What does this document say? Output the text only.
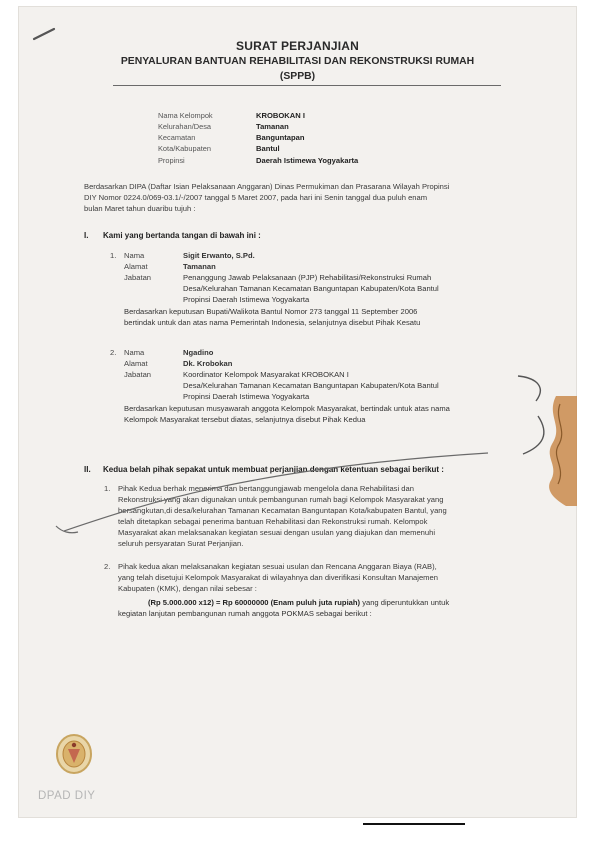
SURAT PERJANJIAN
PENYALURAN BANTUAN REHABILITASI DAN REKONSTRUKSI RUMAH
(SPPB)
Nama Kelompok	KROBOKAN I
Kelurahan/Desa	Tamanan
Kecamatan	Banguntapan
Kota/Kabupaten	Bantul
Propinsi	Daerah Istimewa Yogyakarta
Berdasarkan DIPA (Daftar Isian Pelaksanaan Anggaran) Dinas Permukiman dan Prasarana Wilayah Propinsi
DIY Nomor 0224.0/069-03.1/-/2007 tanggal 5 Maret 2007, pada hari ini Senin tanggal dua puluh enam
bulan Maret tahun duaribu tujuh :
I. Kami yang bertanda tangan di bawah ini :
1. Nama	Sigit Erwanto, S.Pd.
Alamat	Tamanan
Jabatan	Penanggung Jawab Pelaksanaan (PJP) Rehabilitasi/Rekonstruksi Rumah
Desa/Kelurahan Tamanan Kecamatan Banguntapan Kabupaten/Kota Bantul
Propinsi Daerah Istimewa Yogyakarta
Berdasarkan keputusan Bupati/Walikota Bantul Nomor 273 tanggal 11 September 2006
bertindak untuk dan atas nama Pemerintah Indonesia, selanjutnya disebut Pihak Kesatu
2. Nama	Ngadino
Alamat	Dk. Krobokan
Jabatan	Koordinator Kelompok Masyarakat KROBOKAN I
Desa/Kelurahan Tamanan Kecamatan Banguntapan Kabupaten/Kota Bantul
Propinsi Daerah Istimewa Yogyakarta
Berdasarkan keputusan musyawarah anggota Kelompok Masyarakat, bertindak untuk atas nama
Kelompok Masyarakat tersebut diatas, selanjutnya disebut Pihak Kedua
II. Kedua belah pihak sepakat untuk membuat perjanjian dengan ketentuan sebagai berikut :
1. Pihak Kedua berhak menerima dan bertanggungjawab mengelola dana Rehabilitasi dan
Rekonstruksi yang akan digunakan untuk pembangunan rumah bagi Kelompok Masyarakat yang
bersangkutan,di desa/kelurahan Tamanan Kecamatan Banguntapan Kota/kabupaten Bantul, yang
telah ditetapkan sebagai penerima bantuan Rehabilitasi dan Rekonstruksi rumah. Kelompok
Masyarakat akan melaksanakan kegiatan sesuai dengan usulan yang diajukan dan memenuhi
seluruh persyaratan Surat Perjanjian.
2. Pihak kedua akan melaksanakan kegiatan sesuai usulan dan Rencana Anggaran Biaya (RAB),
yang telah disetujui Kelompok Masyarakat di wilayahnya dan diverifikasi Konsultan Manajemen
Kabupaten (KMK), dengan nilai sebesar :
(Rp 5.000.000 x12) = Rp 60000000 (Enam puluh juta rupiah) yang diperuntukkan untuk
kegiatan lanjutan pembangunan rumah anggota POKMAS sebagai berikut :
DPAD DIY
